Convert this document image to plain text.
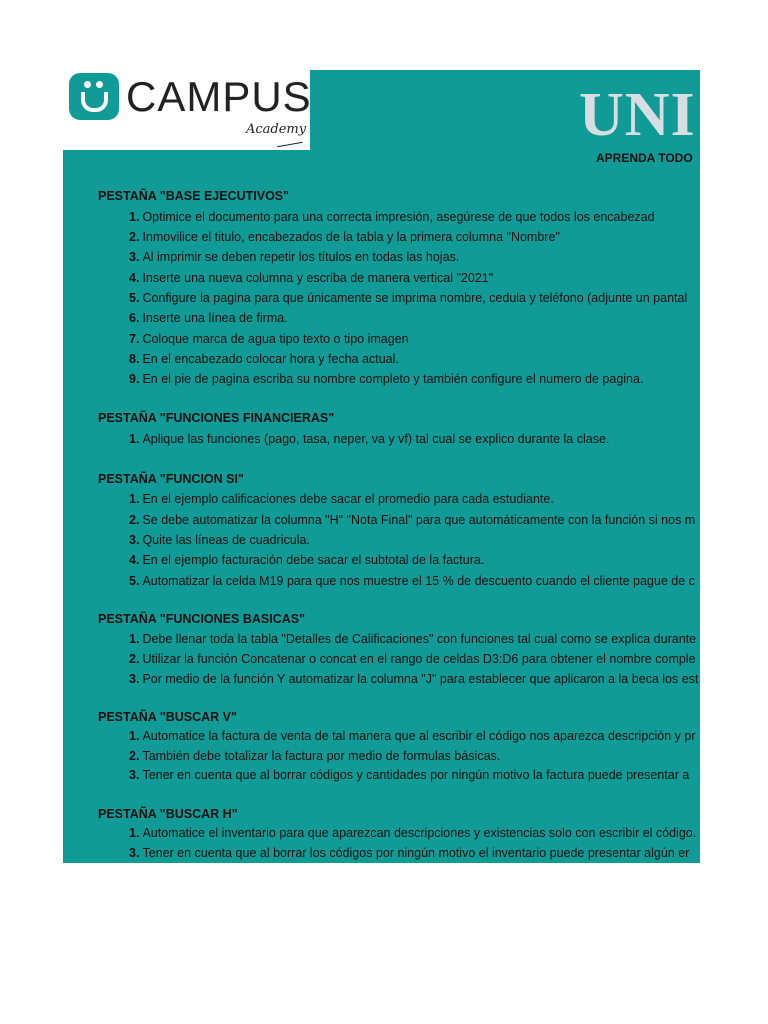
CAMPUS
Academy	UNI
APRENDA TODO
PESTAÑA "BASE EJECUTIVOS"
1. Optimice el documento para una correcta impresión, asegúrese de que todos los encabezad
2. Inmovilice el titulo, encabezados de la tabla y la primera columna "Nombre"
3. Al imprimir se deben repetir los títulos en todas las hojas.
4. Inserte una nueva columna y escriba de manera vertical "2021"
5. Configure la pagina para que únicamente se imprima nombre, cedula y teléfono (adjunte un pantal
6. Inserte una línea de firma.
7. Coloque marca de agua tipo texto o tipo imagen
8. En el encabezado colocar hora y fecha actual.
9. En el pie de pagina escriba su nombre completo y también configure el numero de pagina.
PESTAÑA "FUNCIONES FINANCIERAS"
1. Aplique las funciones (pago, tasa, neper, va y vf) tal cual se explico durante la clase.
PESTAÑA "FUNCION SI"
1. En el ejemplo calificaciones debe sacar el promedio para cada estudiante.
2. Se debe automatizar la columna "H" "Nota Final" para que automáticamente con la función si nos m
3. Quite las líneas de cuadricula.
4. En el ejemplo facturación debe sacar el subtotal de la factura.
5. Automatizar la celda M19 para que nos muestre el 15 % de descuento cuando el cliente pague de c
PESTAÑA "FUNCIONES BASICAS"
1. Debe llenar toda la tabla "Detalles de Calificaciones" con funciones tal cual como se explica durante
2. Utilizar la función Concatenar o concat en el rango de celdas D3:D6 para obtener el nombre comple
3. Por medio de la función Y automatizar la columna "J" para establecer que aplicaron a la beca los est
PESTAÑA "BUSCAR V"
1. Automatice la factura de venta de tal manera que al escribir el código nos aparezca descripción y pr
2. También debe totalizar la factura por medio de formulas básicas.
3. Tener en cuenta que al borrar códigos y cantidades por ningún motivo la factura puede presentar a
PESTAÑA "BUSCAR H"
1. Automatice el inventario para que aparezcan descripciones y existencias solo con escribir el código.
3. Tener en cuenta que al borrar los códigos por ningún motivo el inventario puede presentar algún er
